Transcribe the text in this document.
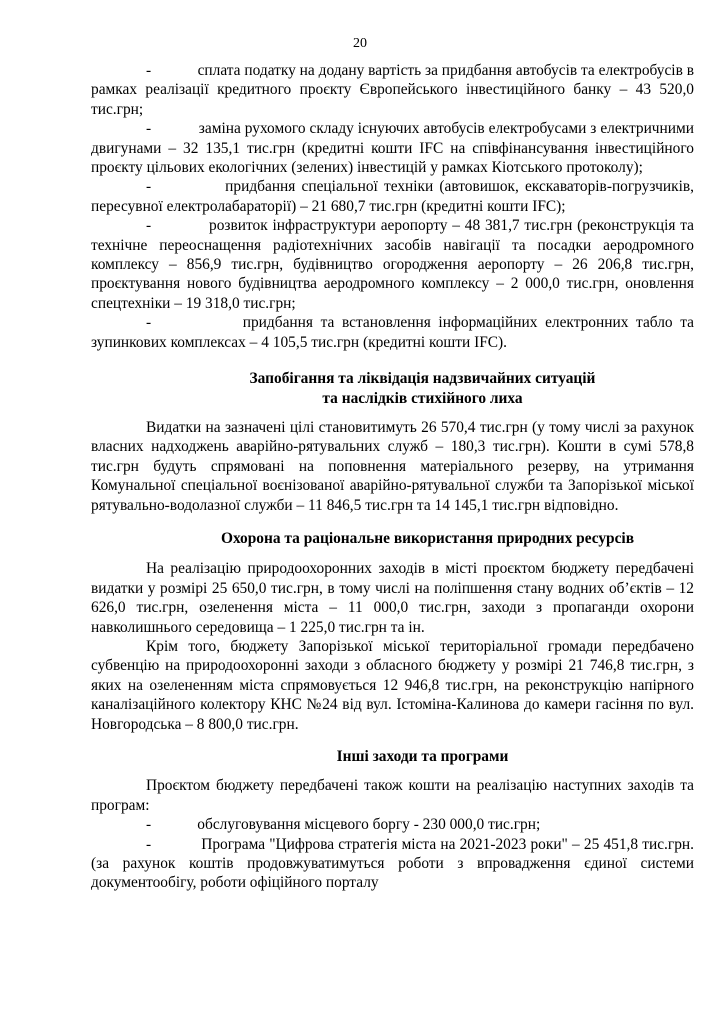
20

-            сплата податку на додану вартість за придбання автобусів та електробусів в рамках реалізації кредитного проєкту Європейського інвестиційного банку – 43 520,0 тис.грн;

-            заміна рухомого складу існуючих автобусів електробусами з електричними двигунами – 32 135,1 тис.грн (кредитні кошти IFC на співфінансування інвестиційного проєкту цільових екологічних (зелених) інвестицій у рамках Кіотського протоколу);

-            придбання спеціальної техніки (автовишок, екскаваторів-погрузчиків, пересувної електролабараторії) – 21 680,7 тис.грн (кредитні кошти IFC);

-            розвиток інфраструктури аеропорту – 48 381,7 тис.грн (реконструкція та технічне переоснащення радіотехнічних засобів навігації та посадки аеродромного комплексу – 856,9 тис.грн, будівництво огородження аеропорту – 26 206,8 тис.грн, проєктування нового будівництва аеродромного комплексу – 2 000,0 тис.грн, оновлення спецтехніки – 19 318,0 тис.грн;

-            придбання та встановлення інформаційних електронних табло та зупинкових комплексах – 4 105,5 тис.грн (кредитні кошти IFC).

Запобігання та ліквідація надзвичайних ситуацій
та наслідків стихійного лиха

Видатки на зазначені цілі становитимуть 26 570,4 тис.грн (у тому числі за рахунок власних надходжень аварійно-рятувальних служб – 180,3 тис.грн). Кошти в сумі 578,8 тис.грн будуть спрямовані на поповнення матеріального резерву, на утримання Комунальної спеціальної воєнізованої аварійно-рятувальної служби та Запорізької міської рятувально-водолазної служби – 11 846,5 тис.грн та 14 145,1 тис.грн відповідно.

Охорона та раціональне використання природних ресурсів

На реалізацію природоохоронних заходів в місті проєктом бюджету передбачені видатки у розмірі 25 650,0 тис.грн, в тому числі на поліпшення стану водних об’єктів – 12 626,0 тис.грн, озеленення міста – 11 000,0 тис.грн, заходи з пропаганди охорони навколишнього середовища – 1 225,0 тис.грн та ін.

Крім того, бюджету Запорізької міської територіальної громади передбачено субвенцію на природоохоронні заходи з обласного бюджету у розмірі 21 746,8 тис.грн, з яких на озелененням міста спрямовується 12 946,8 тис.грн, на реконструкцію напірного каналізаційного колектору КНС №24 від вул. Істоміна-Калинова до камери гасіння по вул. Новгородська – 8 800,0 тис.грн.

Інші заходи та програми

Проєктом бюджету передбачені також кошти на реалізацію наступних заходів та програм:

-            обслуговування місцевого боргу - 230 000,0 тис.грн;

-            Програма "Цифрова стратегія міста на 2021-2023 роки" – 25 451,8 тис.грн. (за рахунок коштів продовжуватимуться роботи з впровадження єдиної системи документообігу, роботи офіційного порталу
